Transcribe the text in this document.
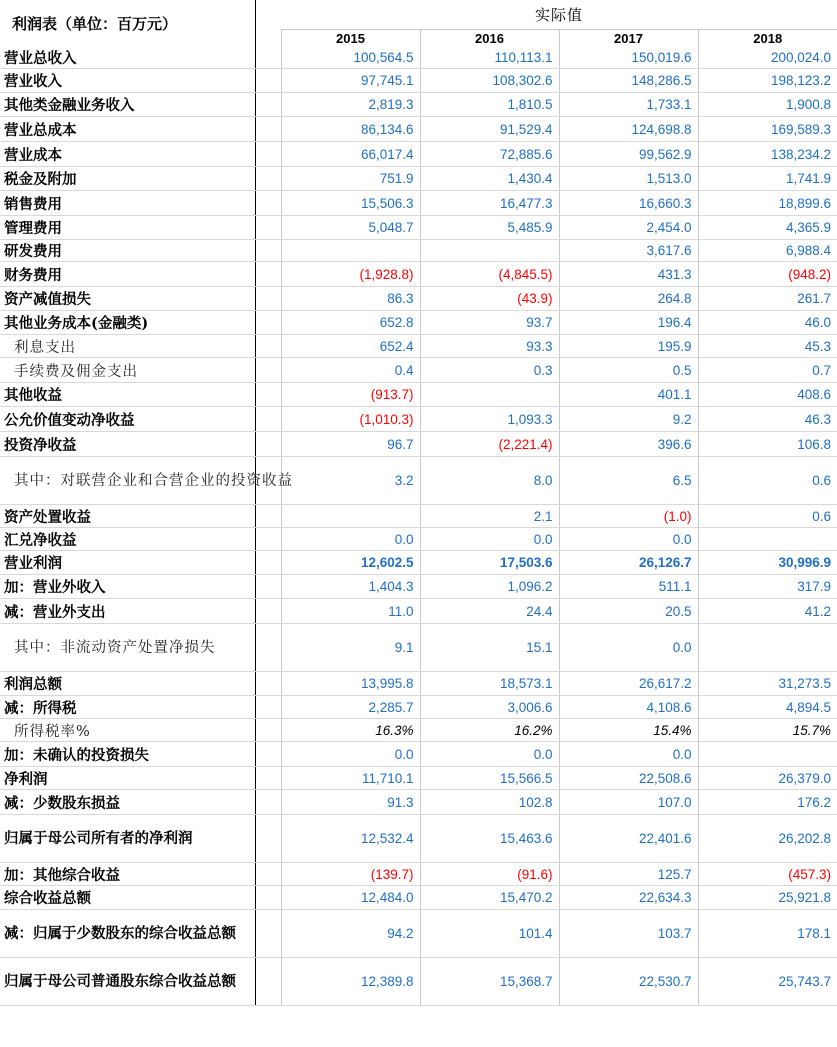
利润表（单位：百万元）			实际值			
			2015	2016	2017	2018
营业总收入			100,564.5	110,113.1	150,019.6	200,024.0
营业收入			97,745.1	108,302.6	148,286.5	198,123.2
其他类金融业务收入			2,819.3	1,810.5	1,733.1	1,900.8
营业总成本			86,134.6	91,529.4	124,698.8	169,589.3
营业成本			66,017.4	72,885.6	99,562.9	138,234.2
税金及附加			751.9	1,430.4	1,513.0	1,741.9
销售费用			15,506.3	16,477.3	16,660.3	18,899.6
管理费用			5,048.7	5,485.9	2,454.0	4,365.9
研发费用					3,617.6	6,988.4
财务费用			(1,928.8)	(4,845.5)	431.3	(948.2)
资产减值损失			86.3	(43.9)	264.8	261.7
其他业务成本(金融类)			652.8	93.7	196.4	46.0
利息支出			652.4	93.3	195.9	45.3
手续费及佣金支出			0.4	0.3	0.5	0.7
其他收益			(913.7)		401.1	408.6
公允价值变动净收益			(1,010.3)	1,093.3	9.2	46.3
投资净收益			96.7	(2,221.4)	396.6	106.8
其中：对联营企业和合营企业的投资收益			3.2	8.0	6.5	0.6
资产处置收益				2.1	(1.0)	0.6
汇兑净收益			0.0	0.0	0.0	
营业利润			12,602.5	17,503.6	26,126.7	30,996.9
加：营业外收入			1,404.3	1,096.2	511.1	317.9
减：营业外支出			11.0	24.4	20.5	41.2
其中：非流动资产处置净损失			9.1	15.1	0.0	
利润总额			13,995.8	18,573.1	26,617.2	31,273.5
减：所得税			2,285.7	3,006.6	4,108.6	4,894.5
所得税率%			16.3%	16.2%	15.4%	15.7%
加：未确认的投资损失			0.0	0.0	0.0	
净利润			11,710.1	15,566.5	22,508.6	26,379.0
减：少数股东损益			91.3	102.8	107.0	176.2
归属于母公司所有者的净利润			12,532.4	15,463.6	22,401.6	26,202.8
加：其他综合收益			(139.7)	(91.6)	125.7	(457.3)
综合收益总额			12,484.0	15,470.2	22,634.3	25,921.8
减：归属于少数股东的综合收益总额			94.2	101.4	103.7	178.1
归属于母公司普通股东综合收益总额			12,389.8	15,368.7	22,530.7	25,743.7
